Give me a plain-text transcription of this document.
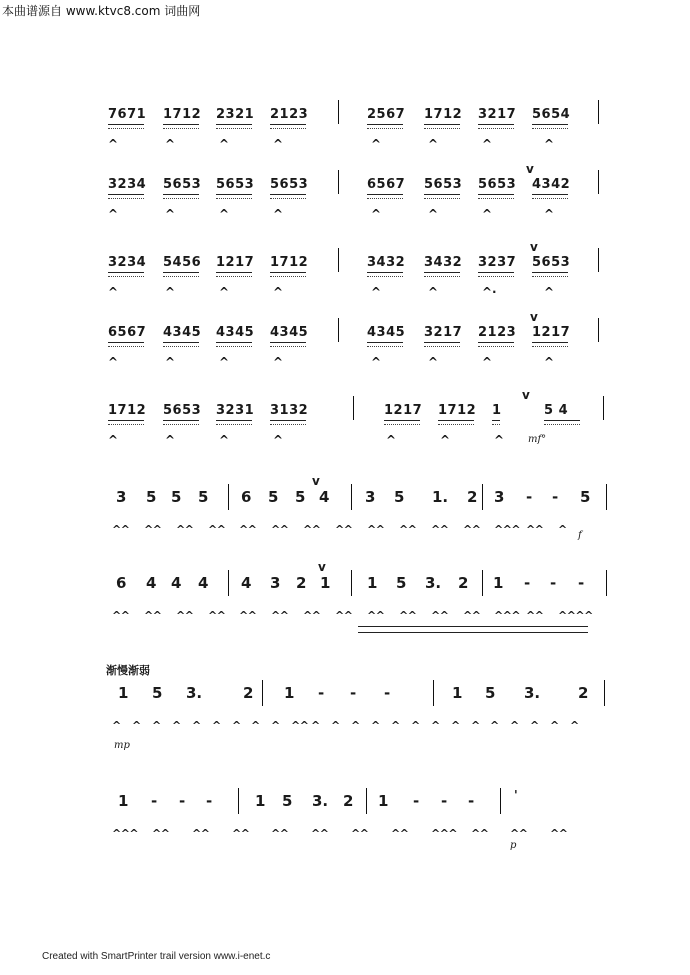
本曲谱源自 www.ktvc8.com 词曲网
Created with SmartPrinter trail version www.i-enet.c
7671 1712 2321 2123	2567 1712 3217 5654
^	^	^	^	^	^	^	^
3234 5653 5653 5653	6567 5653 5653 4342
^	^	^	^	^	^	^	^
v
3234 5456 1217 1712	3432 3432 3237 5653
^	^	^	^	^	^	^·	^
v
6567 4345 4345 4345	4345 3217 2123 1217
^	^	^	^	^	^	^	^
v
1712 5653 3231 3132	1217 1712 1	5 4
^	^	^	^	^	^	^
v
mf°
3 5 5 5 6 5 5 4 3 5 1. 2 3 - - 5
^^ ^^ ^^ ^^ ^^ ^^ ^^ ^^ ^^ ^^ ^^ ^^ ^^^ ^^ ^
v
f
6 4 4 4 4 3 2 1 1 5 3. 2 1 - - -
^^ ^^ ^^ ^^ ^^ ^^ ^^ ^^ ^^ ^^ ^^ ^^ ^^^ ^^ ^^^^
v
1 5 3.	2 1 - - -	1 5 3.	2
^ ^ ^ ^ ^ ^ ^ ^ ^ ^^ ^ ^ ^ ^ ^ ^ ^ ^ ^ ^ ^ ^ ^ ^
mp
渐慢渐弱
1 - - -	1 5 3. 2 1 - - -
^^^ ^^ ^^ ^^ ^^ ^^ ^^ ^^ ^^^ ^^ ^^ ^^
p
'
